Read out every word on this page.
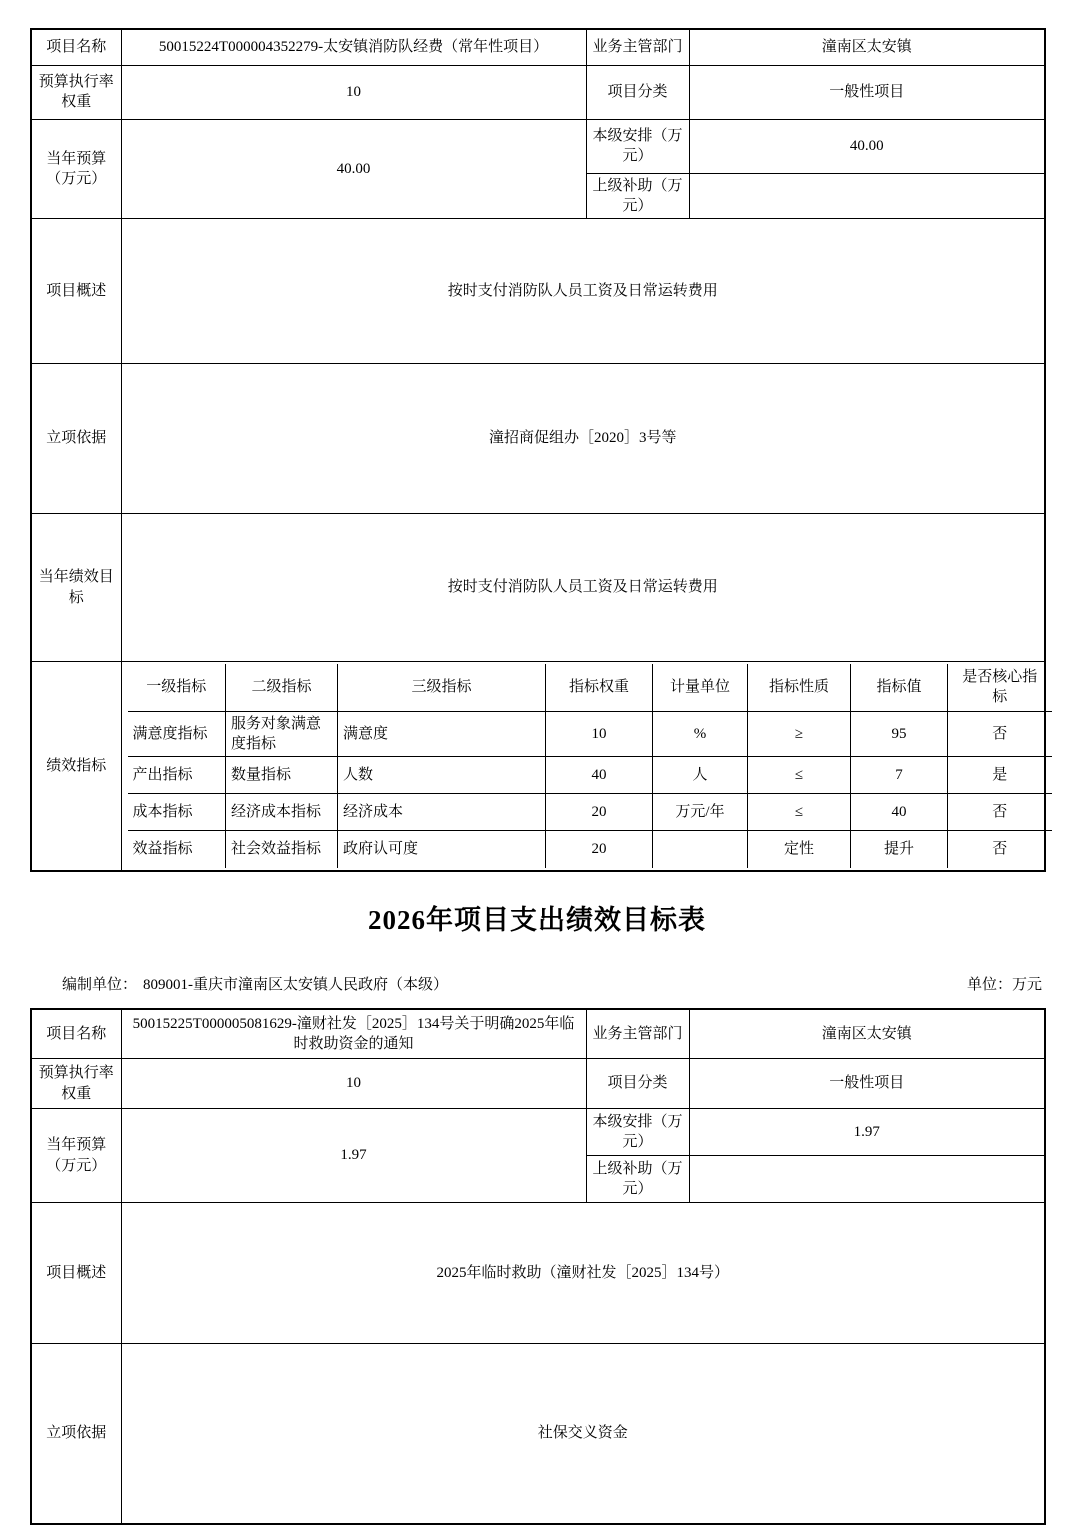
项目名称	50015224T000004352279-太安镇消防队经费（常年性项目）	业务主管部门	潼南区太安镇
预算执行率权重	10	项目分类	一般性项目
当年预算（万元）	40.00	本级安排（万元）	40.00
上级补助（万元）	
项目概述	按时支付消防队人员工资及日常运转费用
立项依据	潼招商促组办［2020］3号等
当年绩效目标	按时支付消防队人员工资及日常运转费用
绩效指标	
一级指标	二级指标	三级指标	指标权重	计量单位	指标性质	指标值	是否核心指标
满意度指标	服务对象满意度指标	满意度	10	%	≥	95	否
产出指标	数量指标	人数	40	人	≤	7	是
成本指标	经济成本指标	经济成本	20	万元/年	≤	40	否
效益指标	社会效益指标	政府认可度	20		定性	提升	否
2026年项目支出绩效目标表
编制单位： 809001-重庆市潼南区太安镇人民政府（本级）	单位：万元
项目名称	50015225T000005081629-潼财社发［2025］134号关于明确2025年临时救助资金的通知	业务主管部门	潼南区太安镇
预算执行率权重	10	项目分类	一般性项目
当年预算（万元）	1.97	本级安排（万元）	1.97
		上级补助（万元）	
项目概述	2025年临时救助（潼财社发［2025］134号）		
立项依据	社保交义资金		
